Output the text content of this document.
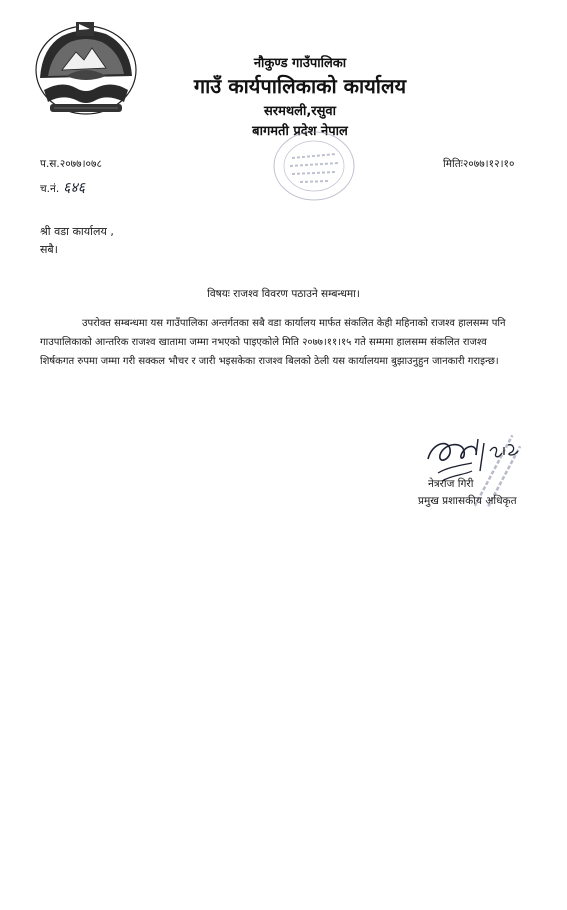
नौकुण्ड गाउँपालिका
गाउँ कार्यपालिकाको कार्यालय
सरमथली,रसुवा
बागमती प्रदेश नेपाल
प.स.२०७७।०७८
च.नं. ६४६
मितिः२०७७।१२।१०
श्री वडा कार्यालय ,
सबै।
विषयः राजश्व विवरण पठाउने सम्बन्धमा।
उपरोक्त सम्बन्धमा यस गाउँपालिका अन्तर्गतका सबै वडा कार्यालय मार्फत संकलित केही महिनाको राजश्व हालसम्म पनि
गाउपालिकाको आन्तरिक राजश्व खातामा जम्मा नभएको पाइएकोले मिति २०७७।११।१५ गते सम्ममा हालसम्म संकलित राजश्व
शिर्षकगत रुपमा जम्मा गरी सक्कल भौचर र जारी भइसकेका राजश्व बिलको ठेली यस कार्यालयमा बुझाउनुहुन जानकारी गराइन्छ।
नेत्रराज गिरी
प्रमुख प्रशासकीय अधिकृत
